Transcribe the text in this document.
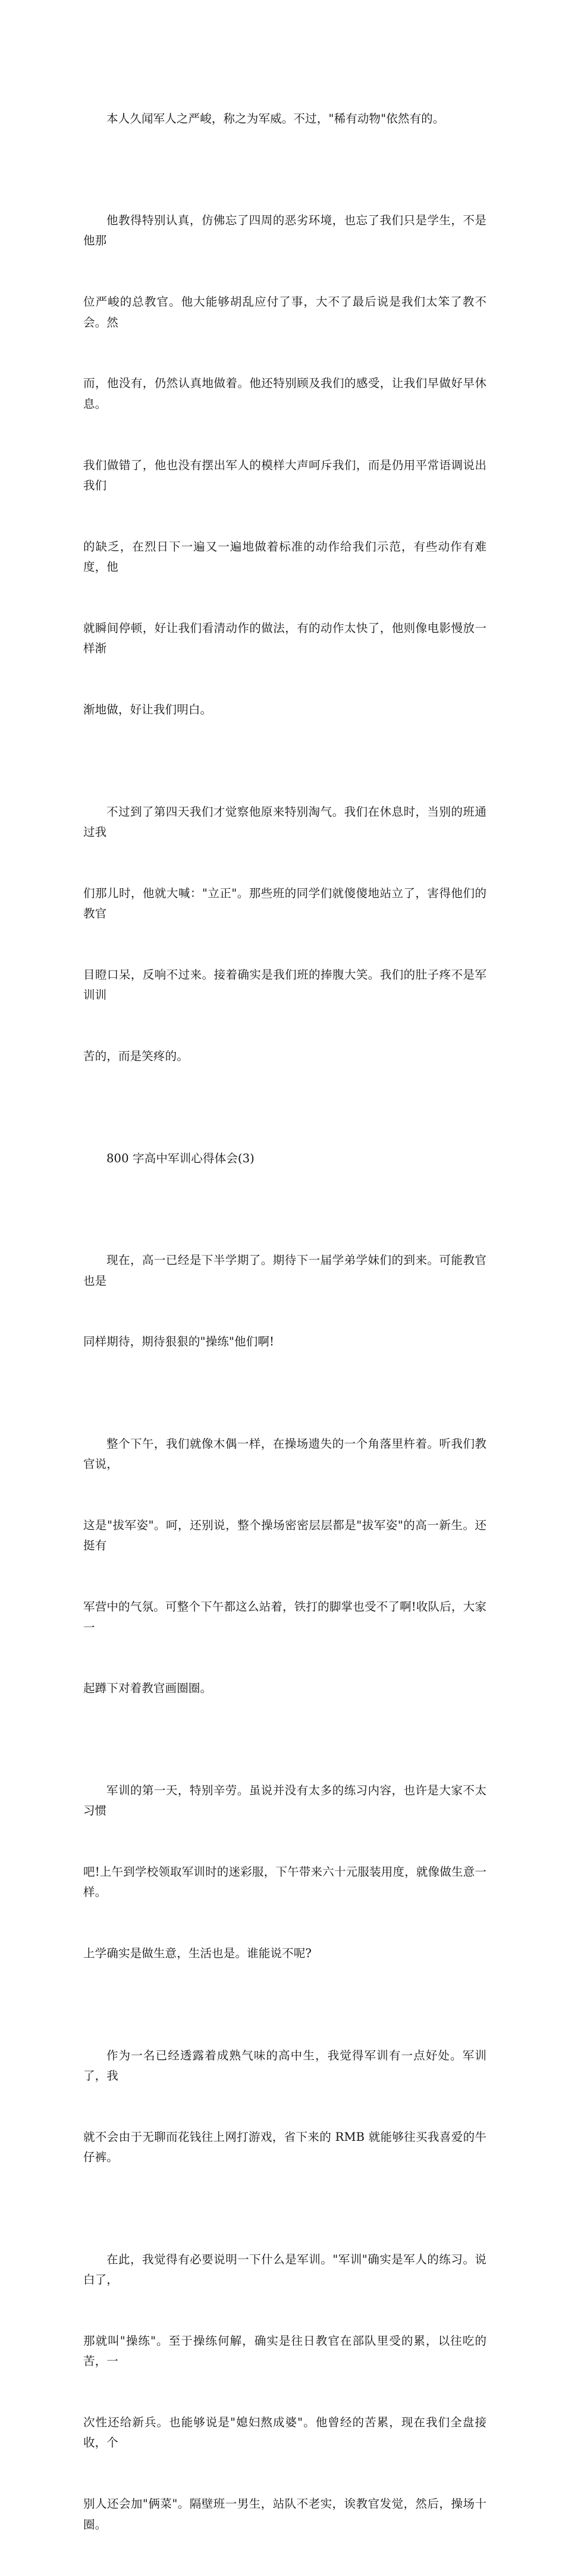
本人久闻军人之严峻，称之为军威。不过，"稀有动物"依然有的。

他教得特别认真，仿佛忘了四周的恶劣环境，也忘了我们只是学生，不是他那

位严峻的总教官。他大能够胡乱应付了事，大不了最后说是我们太笨了教不会。然

而，他没有，仍然认真地做着。他还特别顾及我们的感受，让我们早做好早休息。

我们做错了，他也没有摆出军人的模样大声呵斥我们，而是仍用平常语调说出我们

的缺乏，在烈日下一遍又一遍地做着标准的动作给我们示范，有些动作有难度，他

就瞬间停顿，好让我们看清动作的做法，有的动作太快了，他则像电影慢放一样渐

渐地做，好让我们明白。

不过到了第四天我们才觉察他原来特别淘气。我们在休息时，当别的班通过我

们那儿时，他就大喊："立正"。那些班的同学们就傻傻地站立了，害得他们的教官

目瞪口呆，反响不过来。接着确实是我们班的捧腹大笑。我们的肚子疼不是军训训

苦的，而是笑疼的。

800 字高中军训心得体会(3)

现在，高一已经是下半学期了。期待下一届学弟学妹们的到来。可能教官也是

同样期待，期待狠狠的"操练"他们啊!

整个下午，我们就像木偶一样，在操场遗失的一个角落里杵着。听我们教官说，

这是"拔军姿"。呵，还别说，整个操场密密层层都是"拔军姿"的高一新生。还挺有

军营中的气氛。可整个下午都这么站着，铁打的脚掌也受不了啊!收队后，大家一

起蹲下对着教官画圈圈。

军训的第一天，特别辛劳。虽说并没有太多的练习内容，也许是大家不太习惯

吧!上午到学校领取军训时的迷彩服，下午带来六十元服装用度，就像做生意一样。

上学确实是做生意，生活也是。谁能说不呢?

作为一名已经透露着成熟气味的高中生，我觉得军训有一点好处。军训了，我

就不会由于无聊而花钱往上网打游戏，省下来的 RMB 就能够往买我喜爱的牛仔裤。

在此，我觉得有必要说明一下什么是军训。"军训"确实是军人的练习。说白了，

那就叫"操练"。至于操练何解，确实是往日教官在部队里受的累，以往吃的苦，一

次性还给新兵。也能够说是"媳妇熬成婆"。他曾经的苦累，现在我们全盘接收，个

别人还会加"俩菜"。隔壁班一男生，站队不老实，诶教官发觉，然后，操场十圈。
